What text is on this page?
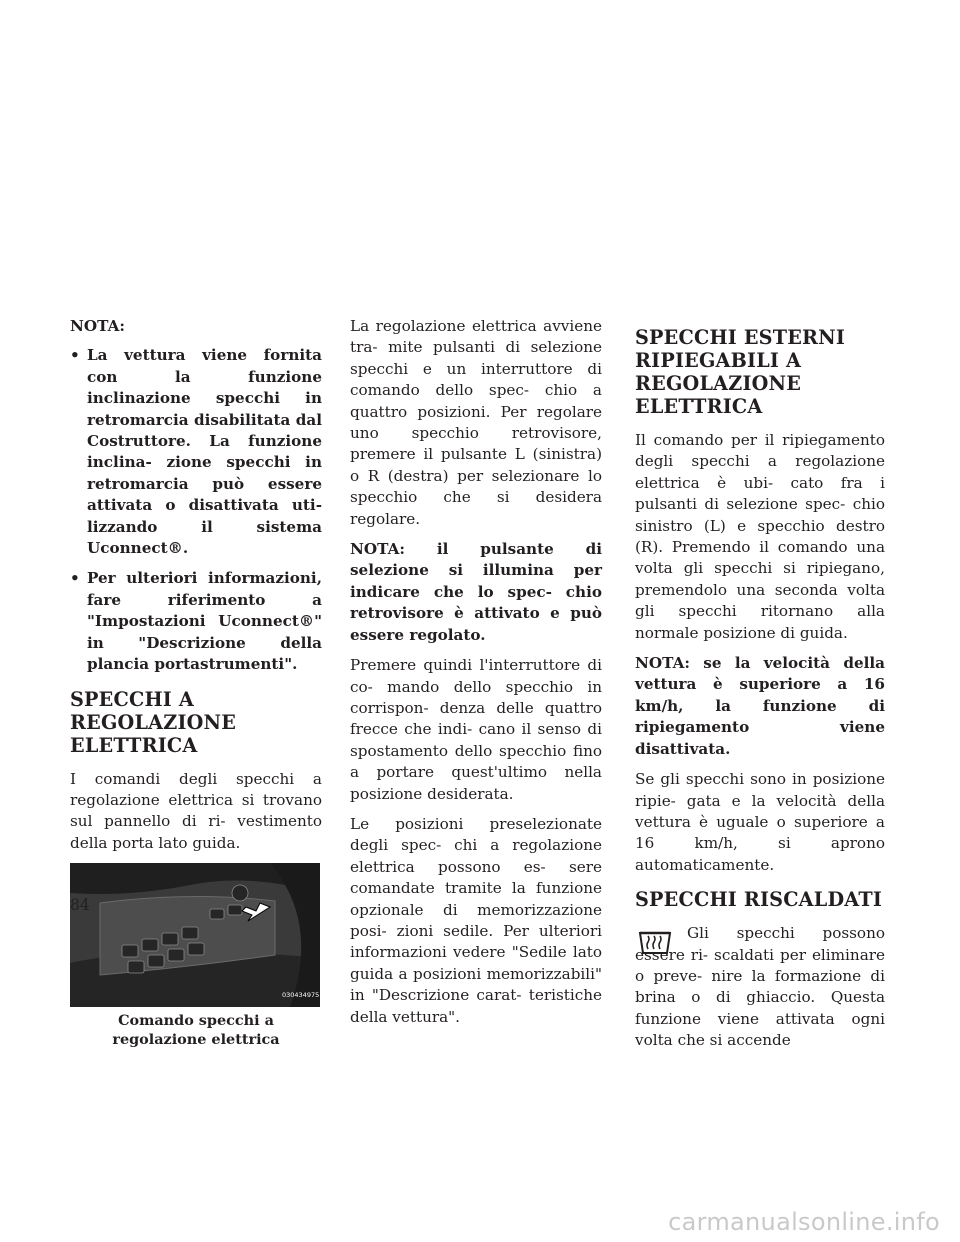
NOTA:
• La vettura viene fornita con la funzione inclinazione specchi in retromarcia disabilitata dal Costruttore. La funzione inclina- zione specchi in retromarcia può essere attivata o disattivata uti- lizzando il sistema Uconnect®.
• Per ulteriori informazioni, fare riferimento a "Impostazioni Uconnect®" in "Descrizione della plancia portastrumenti".
SPECCHI A REGOLAZIONE ELETTRICA

I comandi degli specchi a regolazione elettrica si trovano sul pannello di ri- vestimento della porta lato guida.

030434975
Comando specchi a regolazione elettrica

La regolazione elettrica avviene tra- mite pulsanti di selezione specchi e un interruttore di comando dello spec- chio a quattro posizioni. Per regolare uno specchio retrovisore, premere il pulsante L (sinistra) o R (destra) per selezionare lo specchio che si desidera regolare.

NOTA: il pulsante di selezione si illumina per indicare che lo spec- chio retrovisore è attivato e può essere regolato.

Premere quindi l'interruttore di co- mando dello specchio in corrispon- denza delle quattro frecce che indi- cano il senso di spostamento dello specchio fino a portare quest'ultimo nella posizione desiderata.

Le posizioni preselezionate degli spec- chi a regolazione elettrica possono es- sere comandate tramite la funzione opzionale di memorizzazione posi- zioni sedile. Per ulteriori informazioni vedere "Sedile lato guida a posizioni memorizzabili" in "Descrizione carat- teristiche della vettura".

SPECCHI ESTERNI RIPIEGABILI A REGOLAZIONE ELETTRICA

Il comando per il ripiegamento degli specchi a regolazione elettrica è ubi- cato fra i pulsanti di selezione spec- chio sinistro (L) e specchio destro (R). Premendo il comando una volta gli specchi si ripiegano, premendolo una seconda volta gli specchi ritornano alla normale posizione di guida.

NOTA: se la velocità della vettura è superiore a 16 km/h, la funzione di ripiegamento viene disattivata.

Se gli specchi sono in posizione ripie- gata e la velocità della vettura è uguale o superiore a 16 km/h, si aprono automaticamente.

SPECCHI RISCALDATI

Gli specchi possono essere ri- scaldati per eliminare o preve- nire la formazione di brina o di ghiaccio. Questa funzione viene attivata ogni volta che si accende

84
carmanualsonline.info
